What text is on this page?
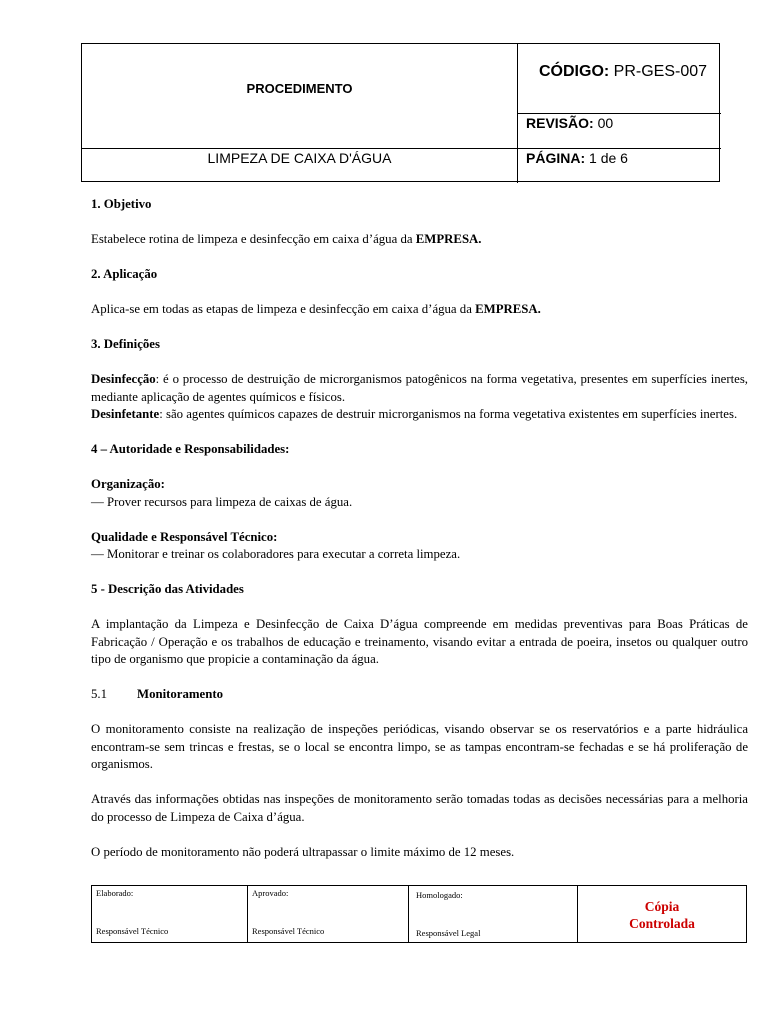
PROCEDIMENTO
CÓDIGO: PR-GES-007
REVISÃO: 00
LIMPEZA DE CAIXA D'ÁGUA	PÁGINA: 1 de 6

1. Objetivo

Estabelece rotina de limpeza e desinfecção em caixa d’água da EMPRESA.

2. Aplicação

Aplica-se em todas as etapas de limpeza e desinfecção em caixa d’água da EMPRESA.

3. Definições

Desinfecção: é o processo de destruição de microrganismos patogênicos na forma vegetativa, presentes em superfícies inertes, mediante aplicação de agentes químicos e físicos.

Desinfetante: são agentes químicos capazes de destruir microrganismos na forma vegetativa existentes em superfícies inertes.

4 – Autoridade e Responsabilidades:

Organização:

— Prover recursos para limpeza de caixas de água.

Qualidade e Responsável Técnico:

— Monitorar e treinar os colaboradores para executar a correta limpeza.

5 - Descrição das Atividades

A implantação da Limpeza e Desinfecção de Caixa D’água compreende em medidas preventivas para Boas Práticas de Fabricação / Operação e os trabalhos de educação e treinamento, visando evitar a entrada de poeira, insetos ou qualquer outro tipo de organismo que propicie a contaminação da água.

5.1 Monitoramento

O monitoramento consiste na realização de inspeções periódicas, visando observar se os reservatórios e a parte hidráulica encontram-se sem trincas e frestas, se o local se encontra limpo, se as tampas encontram-se fechadas e se há proliferação de organismos.

Através das informações obtidas nas inspeções de monitoramento serão tomadas todas as decisões necessárias para a melhoria do processo de Limpeza de Caixa d’água.

O período de monitoramento não poderá ultrapassar o limite máximo de 12 meses.

Elaborado:
Responsável Técnico
Aprovado:
Responsável Técnico
Homologado:
Responsável Legal
Cópia
Controlada
